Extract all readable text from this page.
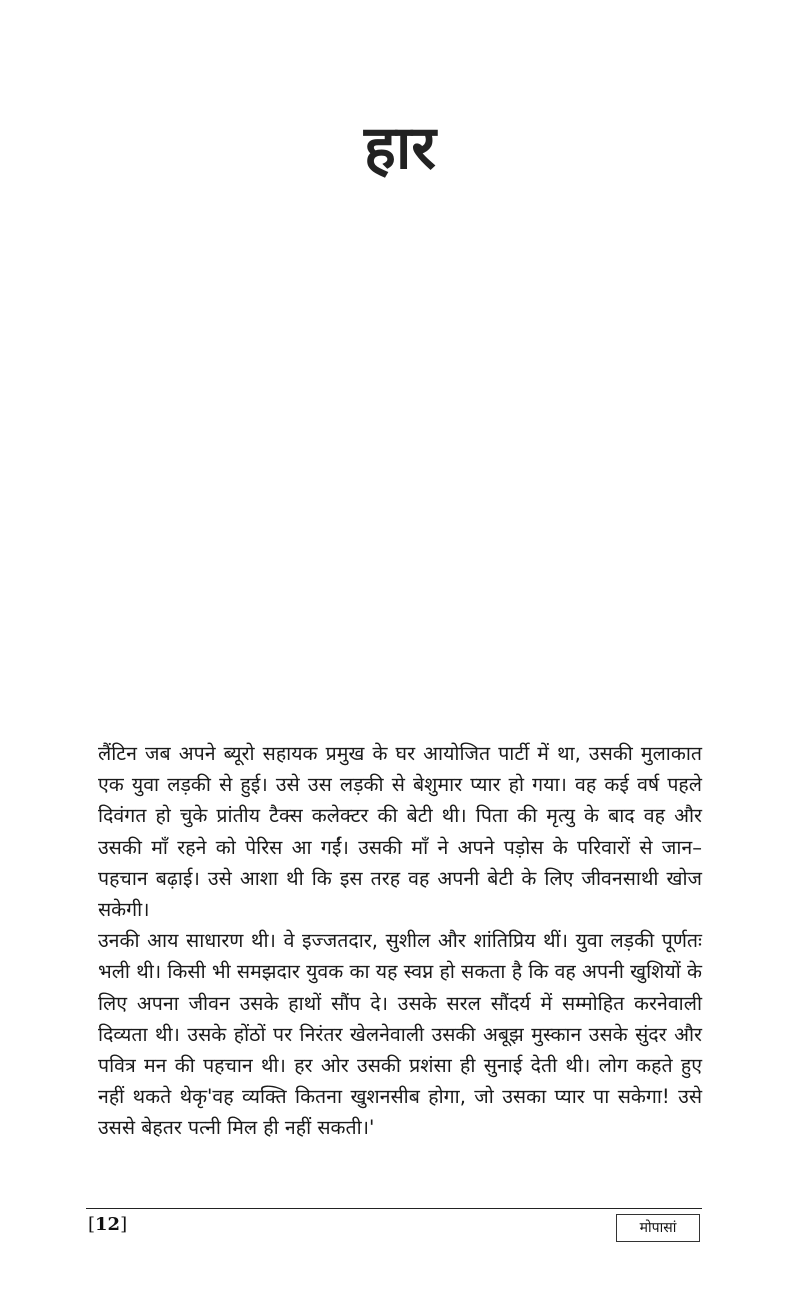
हार

लैंटिन जब अपने ब्यूरो सहायक प्रमुख के घर आयोजित पार्टी में था, उसकी मुलाकात एक युवा लड़की से हुई। उसे उस लड़की से बेशुमार प्यार हो गया। वह कई वर्ष पहले दिवंगत हो चुके प्रांतीय टैक्स कलेक्टर की बेटी थी। पिता की मृत्यु के बाद वह और उसकी माँ रहने को पेरिस आ गईं। उसकी माँ ने अपने पड़ोस के परिवारों से जान–पहचान बढ़ाई। उसे आशा थी कि इस तरह वह अपनी बेटी के लिए जीवनसाथी खोज सकेगी।

उनकी आय साधारण थी। वे इज्जतदार, सुशील और शांतिप्रिय थीं। युवा लड़की पूर्णतः भली थी। किसी भी समझदार युवक का यह स्वप्न हो सकता है कि वह अपनी खुशियों के लिए अपना जीवन उसके हाथों सौंप दे। उसके सरल सौंदर्य में सम्मोहित करनेवाली दिव्यता थी। उसके होंठों पर निरंतर खेलनेवाली उसकी अबूझ मुस्कान उसके सुंदर और पवित्र मन की पहचान थी। हर ओर उसकी प्रशंसा ही सुनाई देती थी। लोग कहते हुए नहीं थकते थेकृ'वह व्यक्ति कितना खुशनसीब होगा, जो उसका प्यार पा सकेगा! उसे उससे बेहतर पत्नी मिल ही नहीं सकती।'

[12]	मोपासां
